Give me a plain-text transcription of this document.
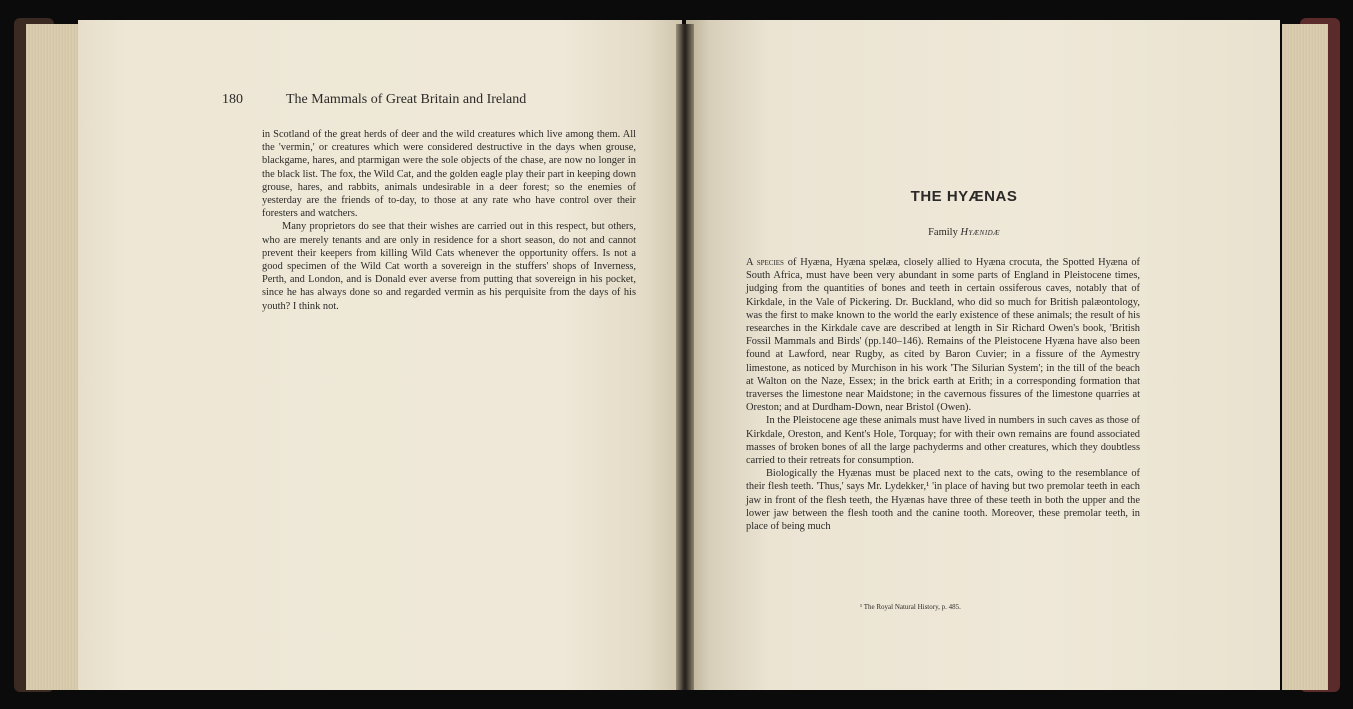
180	The Mammals of Great Britain and Ireland

in Scotland of the great herds of deer and the wild creatures which live among them. All the 'vermin,' or creatures which were considered destructive in the days when grouse, blackgame, hares, and ptarmigan were the sole objects of the chase, are now no longer in the black list. The fox, the Wild Cat, and the golden eagle play their part in keeping down grouse, hares, and rabbits, animals undesirable in a deer forest; so the enemies of yesterday are the friends of to-day, to those at any rate who have control over their foresters and watchers.

Many proprietors do see that their wishes are carried out in this respect, but others, who are merely tenants and are only in residence for a short season, do not and cannot prevent their keepers from killing Wild Cats whenever the opportunity offers. Is not a good specimen of the Wild Cat worth a sovereign in the stuffers' shops of Inverness, Perth, and London, and is Donald ever averse from putting that sovereign in his pocket, since he has always done so and regarded vermin as his perquisite from the days of his youth? I think not.

THE HYÆNAS
Family Hyænidæ

A species of Hyæna, Hyæna spelæa, closely allied to Hyæna crocuta, the Spotted Hyæna of South Africa, must have been very abundant in some parts of England in Pleistocene times, judging from the quantities of bones and teeth in certain ossiferous caves, notably that of Kirkdale, in the Vale of Pickering. Dr. Buckland, who did so much for British palæontology, was the first to make known to the world the early existence of these animals; the result of his researches in the Kirkdale cave are described at length in Sir Richard Owen's book, 'British Fossil Mammals and Birds' (pp.140–146). Remains of the Pleistocene Hyæna have also been found at Lawford, near Rugby, as cited by Baron Cuvier; in a fissure of the Aymestry limestone, as noticed by Murchison in his work 'The Silurian System'; in the till of the beach at Walton on the Naze, Essex; in the brick earth at Erith; in a corresponding formation that traverses the limestone near Maidstone; in the cavernous fissures of the limestone quarries at Oreston; and at Durdham-Down, near Bristol (Owen).

In the Pleistocene age these animals must have lived in numbers in such caves as those of Kirkdale, Oreston, and Kent's Hole, Torquay; for with their own remains are found associated masses of broken bones of all the large pachyderms and other creatures, which they doubtless carried to their retreats for consumption.

Biologically the Hyænas must be placed next to the cats, owing to the resemblance of their flesh teeth. 'Thus,' says Mr. Lydekker,¹ 'in place of having but two premolar teeth in each jaw in front of the flesh teeth, the Hyænas have three of these teeth in both the upper and the lower jaw between the flesh tooth and the canine tooth. Moreover, these premolar teeth, in place of being much

¹ The Royal Natural History, p. 485.
